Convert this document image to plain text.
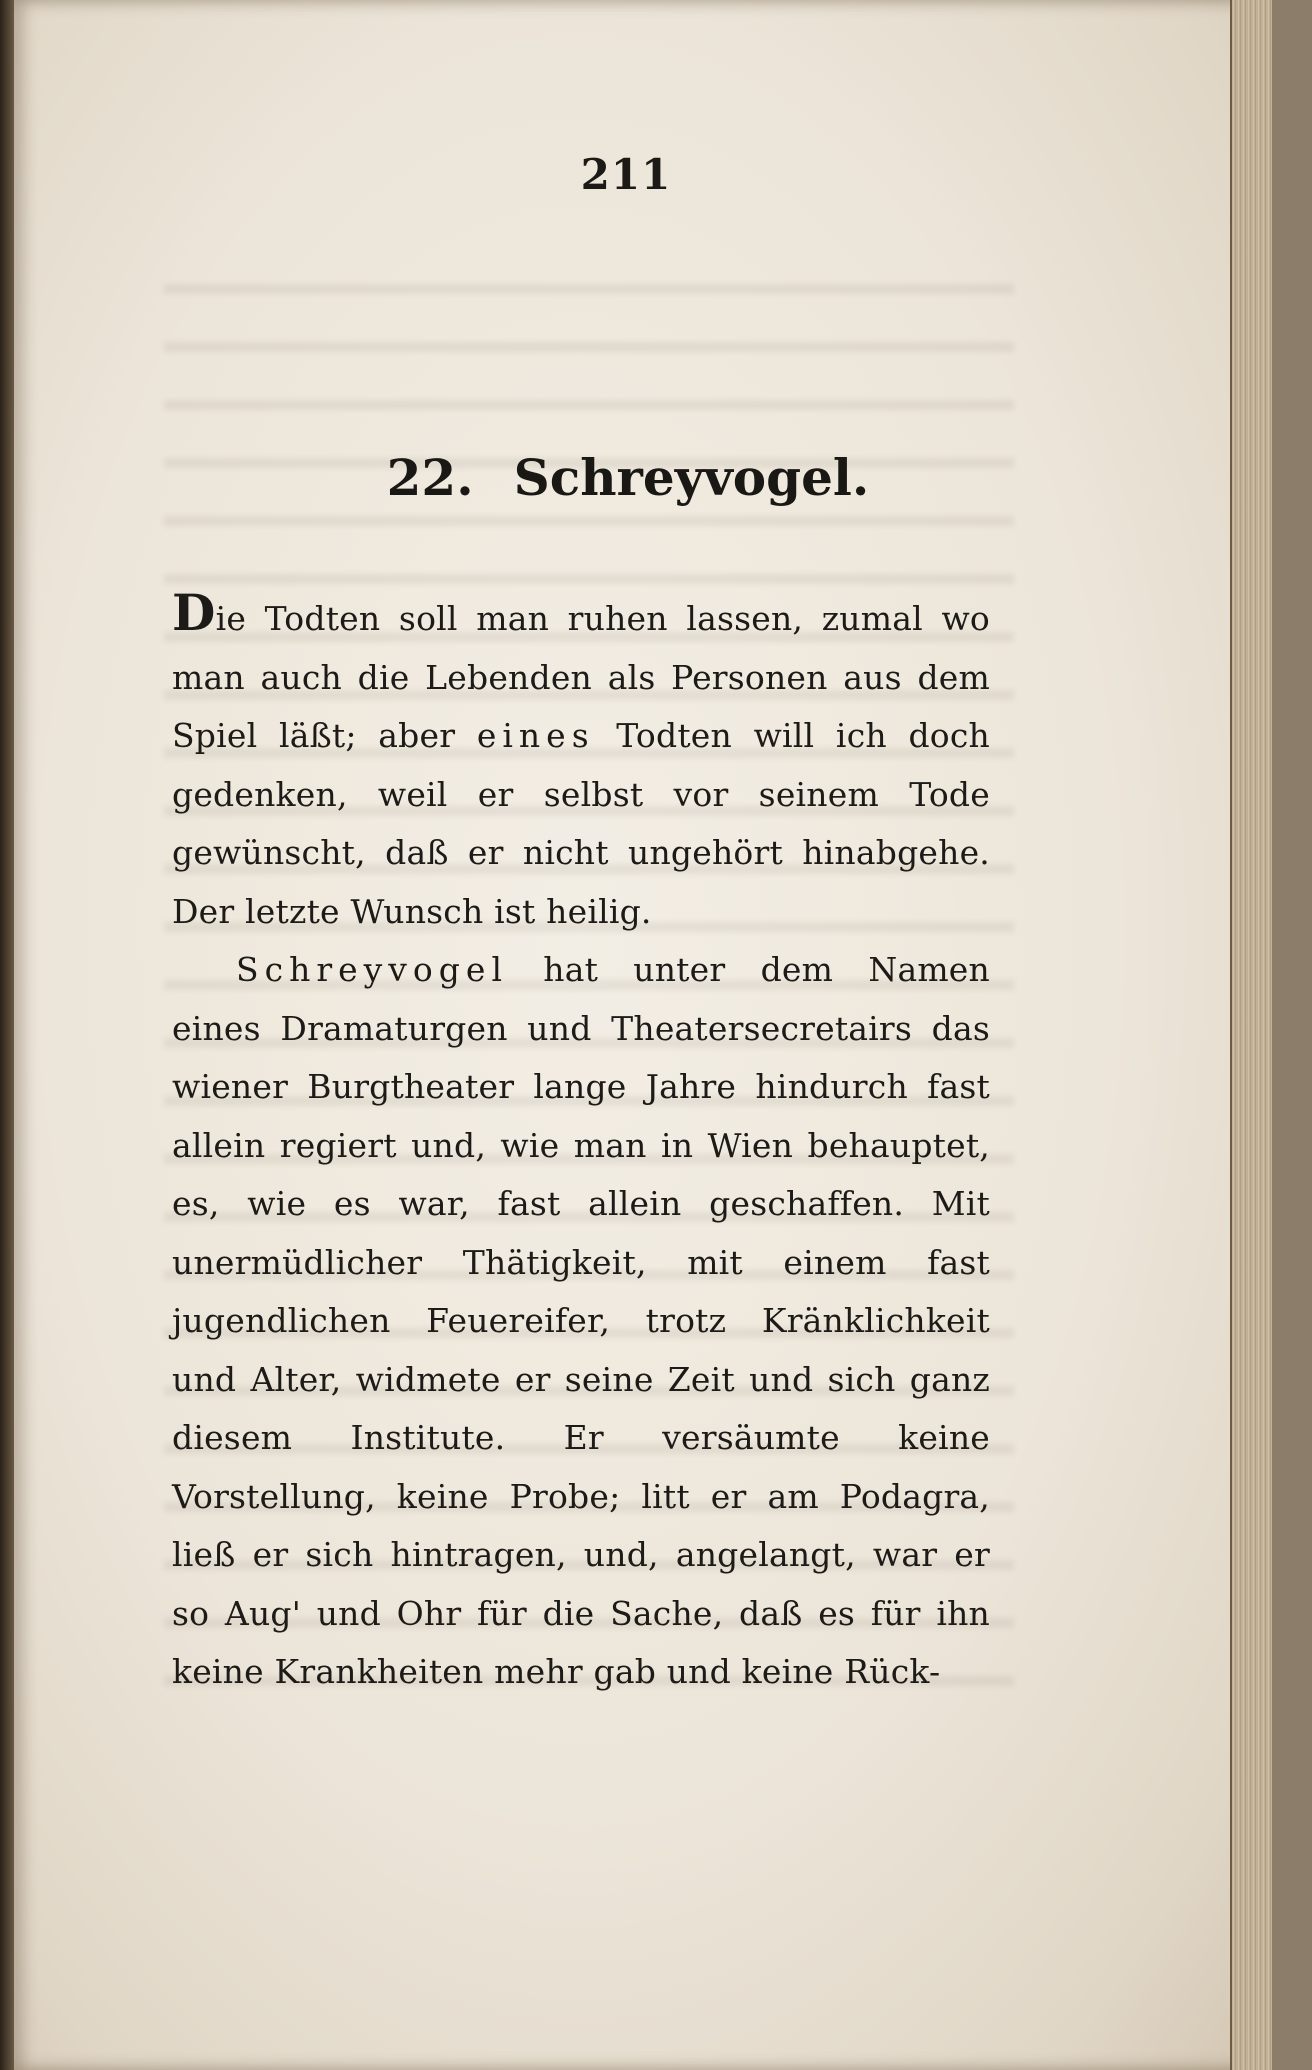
211
22. Schreyvogel.

Die Todten soll man ruhen lassen, zumal wo man auch die Lebenden als Personen aus dem Spiel läßt; aber eines Todten will ich doch gedenken, weil er selbst vor seinem Tode gewünscht, daß er nicht ungehört hinabgehe. Der letzte Wunsch ist heilig.

Schreyvogel hat unter dem Namen eines Dramaturgen und Theatersecretairs das wiener Burgtheater lange Jahre hindurch fast allein regiert und, wie man in Wien behauptet, es, wie es war, fast allein geschaffen. Mit unermüdlicher Thätigkeit, mit einem fast jugendlichen Feuereifer, trotz Kränklichkeit und Alter, widmete er seine Zeit und sich ganz diesem Institute. Er versäumte keine Vorstellung, keine Probe; litt er am Podagra, ließ er sich hintragen, und, angelangt, war er so Aug' und Ohr für die Sache, daß es für ihn keine Krankheiten mehr gab und keine Rück-
